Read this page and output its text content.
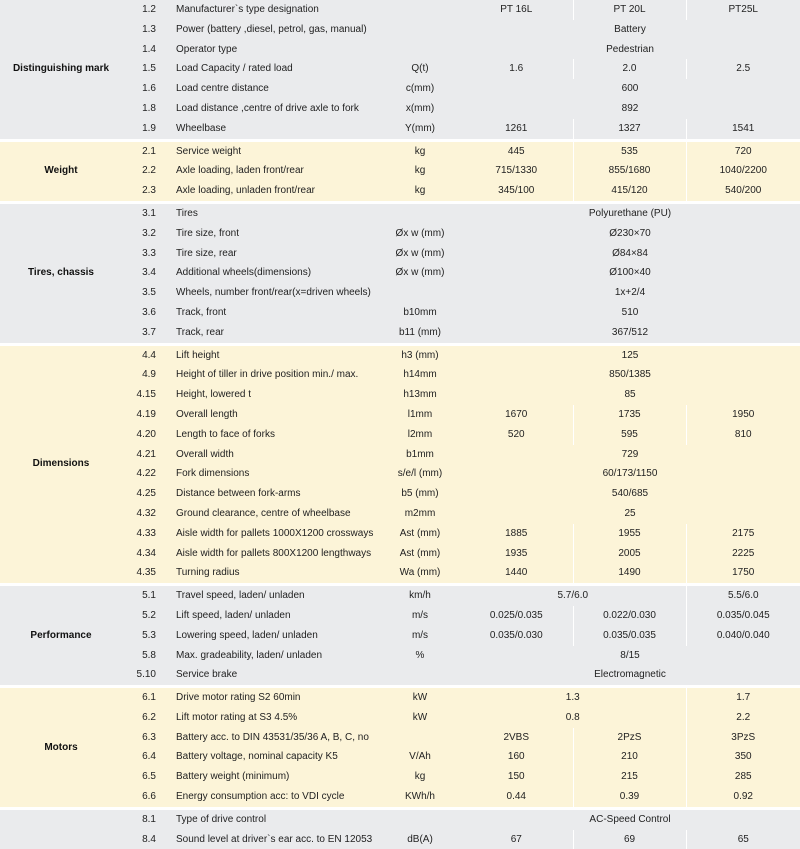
Distinguishing mark	1.2	Manufacturer`s type designation		PT 16L	PT 20L	PT25L
	1.3	Power (battery ,diesel, petrol, gas, manual)		Battery		
	1.4	Operator type		Pedestrian		
	1.5	Load Capacity / rated load	Q(t)	1.6	2.0	2.5
	1.6	Load centre distance	c(mm)	600		
	1.8	Load distance ,centre of drive axle to fork	x(mm)	892		
	1.9	Wheelbase	Y(mm)	1261	1327	1541

Weight	2.1	Service weight	kg	445	535	720
	2.2	Axle loading, laden front/rear	kg	715/1330	855/1680	1040/2200
	2.3	Axle loading, unladen front/rear	kg	345/100	415/120	540/200

Tires, chassis	3.1	Tires		Polyurethane (PU)		
	3.2	Tire size, front	Øx w (mm)	Ø230×70		
	3.3	Tire size, rear	Øx w (mm)	Ø84×84		
	3.4	Additional wheels(dimensions)	Øx w (mm)	Ø100×40		
	3.5	Wheels, number front/rear(x=driven wheels)		1x+2/4		
	3.6	Track, front	b10mm	510		
	3.7	Track, rear	b11 (mm)	367/512		

Dimensions	4.4	Lift height	h3 (mm)	125		
	4.9	Height of tiller in drive position min./ max.	h14mm	850/1385		
	4.15	Height, lowered t	h13mm	85		
	4.19	Overall length	l1mm	1670	1735	1950
	4.20	Length to face of forks	l2mm	520	595	810
	4.21	Overall width	b1mm	729		
	4.22	Fork dimensions	s/e/l (mm)	60/173/1150		
	4.25	Distance between fork-arms	b5 (mm)	540/685		
	4.32	Ground clearance, centre of wheelbase	m2mm	25		
	4.33	Aisle width for pallets 1000X1200 crossways	Ast (mm)	1885	1955	2175
	4.34	Aisle width for pallets 800X1200 lengthways	Ast (mm)	1935	2005	2225
	4.35	Turning radius	Wa (mm)	1440	1490	1750

Performance	5.1	Travel speed, laden/ unladen	km/h	5.7/6.0		5.5/6.0
	5.2	Lift speed, laden/ unladen	m/s	0.025/0.035	0.022/0.030	0.035/0.045
	5.3	Lowering speed, laden/ unladen	m/s	0.035/0.030	0.035/0.035	0.040/0.040
	5.8	Max. gradeability, laden/ unladen	%	8/15		
	5.10	Service brake		Electromagnetic		

Motors	6.1	Drive motor rating S2 60min	kW	1.3		1.7
	6.2	Lift motor rating at S3 4.5%	kW	0.8		2.2
	6.3	Battery acc. to DIN 43531/35/36 A, B, C, no		2VBS	2PzS	3PzS
	6.4	Battery voltage, nominal capacity K5	V/Ah	160	210	350
	6.5	Battery weight (minimum)	kg	150	215	285
	6.6	Energy consumption acc: to VDI cycle	KWh/h	0.44	0.39	0.92

	8.1	Type of drive control		AC-Speed Control		
	8.4	Sound level at driver`s ear acc. to EN 12053	dB(A)	67	69	65
